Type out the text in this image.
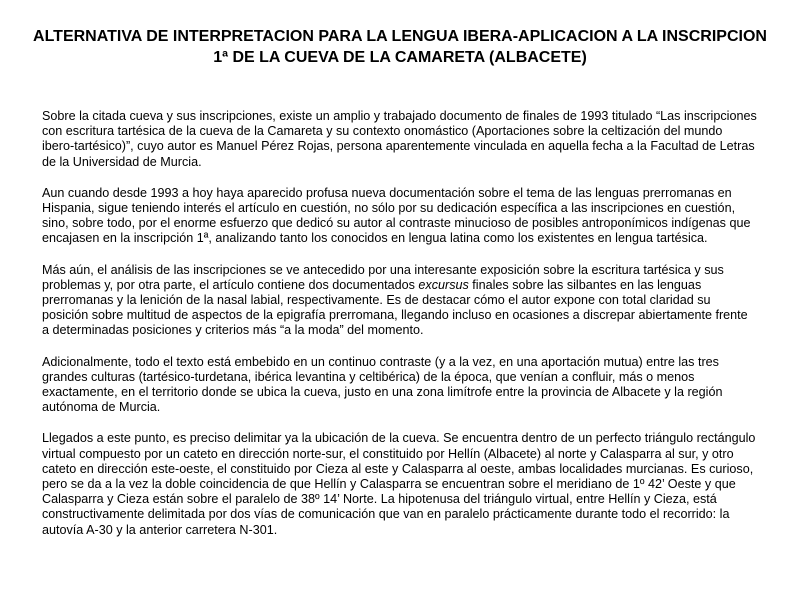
ALTERNATIVA DE INTERPRETACION PARA LA LENGUA IBERA-APLICACION A LA INSCRIPCION 1ª DE LA CUEVA DE LA CAMARETA (ALBACETE)

Sobre la citada cueva y sus inscripciones, existe un amplio y trabajado documento de finales de 1993 titulado “Las inscripciones con escritura tartésica de la cueva de la Camareta y su contexto onomástico (Aportaciones sobre la celtización del mundo ibero-tartésico)”, cuyo autor es Manuel Pérez Rojas, persona aparentemente vinculada en aquella fecha a la Facultad de Letras de la Universidad de Murcia.

Aun cuando desde 1993 a hoy haya aparecido profusa nueva documentación sobre el tema de las lenguas prerromanas en Hispania, sigue teniendo interés el artículo en cuestión, no sólo por su dedicación específica a las inscripciones en cuestión, sino, sobre todo, por el enorme esfuerzo que dedicó su autor al contraste minucioso de posibles antroponímicos indígenas que encajasen en la inscripción 1ª, analizando tanto los conocidos en lengua latina como los existentes en lengua tartésica.

Más aún, el análisis de las inscripciones se ve antecedido por una interesante exposición sobre la escritura tartésica y sus problemas y, por otra parte, el artículo contiene dos documentados excursus finales sobre las silbantes en las lenguas prerromanas y la lenición de la nasal labial, respectivamente. Es de destacar cómo el autor expone con total claridad su posición sobre multitud de aspectos de la epigrafía prerromana, llegando incluso en ocasiones a discrepar abiertamente frente a determinadas posiciones y criterios más “a la moda” del momento.

Adicionalmente, todo el texto está embebido en un continuo contraste (y a la vez, en una aportación mutua) entre las tres grandes culturas (tartésico-turdetana, ibérica levantina y celtibérica) de la época, que venían a confluir, más o menos exactamente, en el territorio donde se ubica la cueva, justo en una zona limítrofe entre la provincia de Albacete y la región autónoma de Murcia.

Llegados a este punto, es preciso delimitar ya la ubicación de la cueva. Se encuentra dentro de un perfecto triángulo rectángulo virtual compuesto por un cateto en dirección norte-sur, el constituido por Hellín (Albacete) al norte y Calasparra al sur, y otro cateto en dirección este-oeste, el constituido por Cieza al este y Calasparra al oeste, ambas localidades murcianas. Es curioso, pero se da a la vez la doble coincidencia de que Hellín y Calasparra se encuentran sobre el meridiano de 1º 42’ Oeste y que Calasparra y Cieza están sobre el paralelo de 38º 14’ Norte. La hipotenusa del triángulo virtual, entre Hellín y Cieza, está constructivamente delimitada por dos vías de comunicación que van en paralelo prácticamente durante todo el recorrido: la autovía A-30 y la anterior carretera N-301.
